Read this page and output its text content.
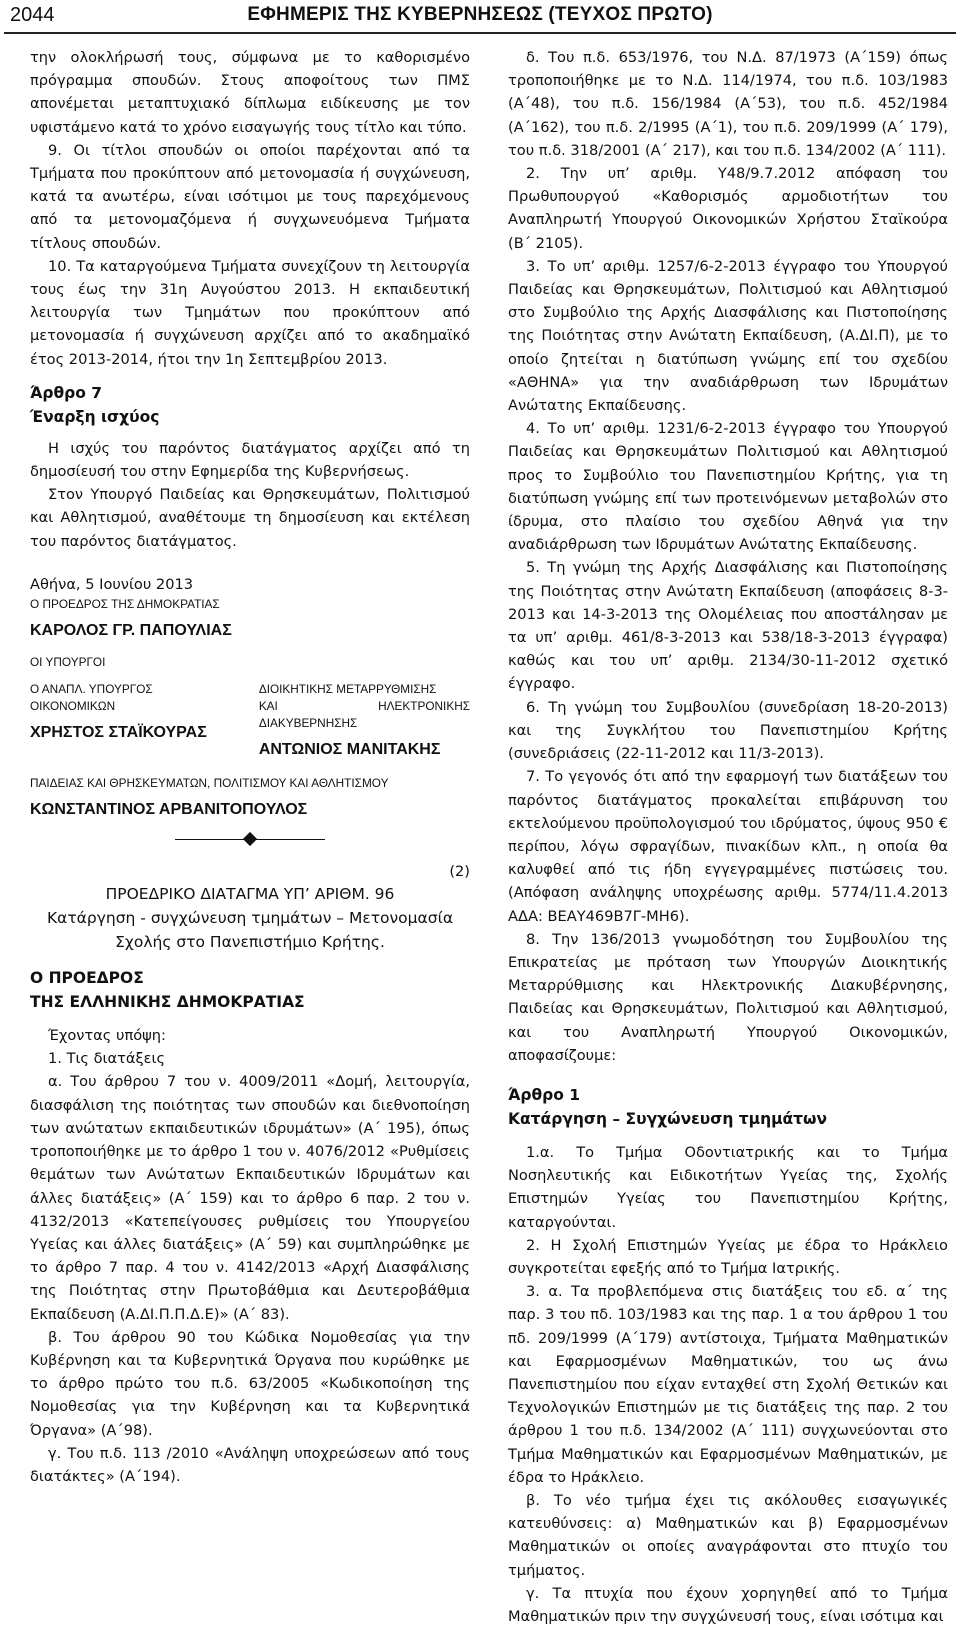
2044	ΕΦΗΜΕΡΙΣ ΤΗΣ ΚΥΒΕΡΝΗΣΕΩΣ (ΤΕΥΧΟΣ ΠΡΩΤΟ)

την ολοκλήρωσή τους, σύμφωνα με το καθορισμένο πρόγραμμα σπουδών. Στους αποφοίτους των ΠΜΣ απονέμεται μεταπτυχιακό δίπλωμα ειδίκευσης με τον υφιστάμενο κατά το χρόνο εισαγωγής τους τίτλο και τύπο.

9. Οι τίτλοι σπουδών οι οποίοι παρέχονται από τα Τμήματα που προκύπτουν από μετονομασία ή συγχώνευση, κατά τα ανωτέρω, είναι ισότιμοι με τους παρεχόμενους από τα μετονομαζόμενα ή συγχωνευόμενα Τμήματα τίτλους σπουδών.

10. Τα καταργούμενα Τμήματα συνεχίζουν τη λειτουργία τους έως την 31η Αυγούστου 2013. Η εκπαιδευτική λειτουργία των Τμημάτων που προκύπτουν από μετονομασία ή συγχώνευση αρχίζει από το ακαδημαϊκό έτος 2013-2014, ήτοι την 1η Σεπτεμβρίου 2013.

Άρθρο 7

Έναρξη ισχύος

Η ισχύς του παρόντος διατάγματος αρχίζει από τη δημοσίευσή του στην Εφημερίδα της Κυβερνήσεως.

Στον Υπουργό Παιδείας και Θρησκευμάτων, Πολιτισμού και Αθλητισμού, αναθέτουμε τη δημοσίευση και εκτέλεση του παρόντος διατάγματος.

Αθήνα, 5 Ιουνίου 2013

Ο ΠΡΟΕΔΡΟΣ ΤΗΣ ΔΗΜΟΚΡΑΤΙΑΣ

ΚΑΡΟΛΟΣ ΓΡ. ΠΑΠΟΥΛΙΑΣ

ΟΙ ΥΠΟΥΡΓΟΙ

Ο ΑΝΑΠΛ. ΥΠΟΥΡΓΟΣ

ΟΙΚΟΝΟΜΙΚΩΝ

ΧΡΗΣΤΟΣ ΣΤΑΪΚΟΥΡΑΣ

ΔΙΟΙΚΗΤΙΚΗΣ ΜΕΤΑΡΡΥΘΜΙΣΗΣ

ΚΑΙ ΗΛΕΚΤΡΟΝΙΚΗΣ ΔΙΑΚΥΒΕΡΝΗΣΗΣ

ΑΝΤΩΝΙΟΣ ΜΑΝΙΤΑΚΗΣ

ΠΑΙΔΕΙΑΣ ΚΑΙ ΘΡΗΣΚΕΥΜΑΤΩΝ, ΠΟΛΙΤΙΣΜΟΥ ΚΑΙ ΑΘΛΗΤΙΣΜΟΥ

ΚΩΝΣΤΑΝΤΙΝΟΣ ΑΡΒΑΝΙΤΟΠΟΥΛΟΣ

(2)

ΠΡΟΕΔΡΙΚΟ ΔΙΑΤΑΓΜΑ ΥΠ’ ΑΡΙΘΜ. 96

Κατάργηση - συγχώνευση τμημάτων – Μετονομασία Σχολής στο Πανεπιστήμιο Κρήτης.

Ο ΠΡΟΕΔΡΟΣ

ΤΗΣ ΕΛΛΗΝΙΚΗΣ ΔΗΜΟΚΡΑΤΙΑΣ

Έχοντας υπόψη:

1. Τις διατάξεις

α. Του άρθρου 7 του ν. 4009/2011 «Δομή, λειτουργία, διασφάλιση της ποιότητας των σπουδών και διεθνοποίηση των ανώτατων εκπαιδευτικών ιδρυμάτων» (Α΄ 195), όπως τροποποιήθηκε με το άρθρο 1 του ν. 4076/2012 «Ρυθμίσεις θεμάτων των Ανώτατων Εκπαιδευτικών Ιδρυμάτων και άλλες διατάξεις» (Α΄ 159) και το άρθρο 6 παρ. 2 του ν. 4132/2013 «Κατεπείγουσες ρυθμίσεις του Υπουργείου Υγείας και άλλες διατάξεις» (Α΄ 59) και συμπληρώθηκε με το άρθρο 7 παρ. 4 του ν. 4142/2013 «Αρχή Διασφάλισης της Ποιότητας στην Πρωτοβάθμια και Δευτεροβάθμια Εκπαίδευση (Α.ΔΙ.Π.Π.Δ.Ε)» (Α΄ 83).

β. Του άρθρου 90 του Κώδικα Νομοθεσίας για την Κυβέρνηση και τα Κυβερνητικά Όργανα που κυρώθηκε με το άρθρο πρώτο του π.δ. 63/2005 «Κωδικοποίηση της Νομοθεσίας για την Κυβέρνηση και τα Κυβερνητικά Όργανα» (Α΄98).

γ. Του π.δ. 113 /2010 «Ανάληψη υποχρεώσεων από τους διατάκτες» (Α΄194).

δ. Του π.δ. 653/1976, του Ν.Δ. 87/1973 (Α΄159) όπως τροποποιήθηκε με το Ν.Δ. 114/1974, του π.δ. 103/1983 (Α΄48), του π.δ. 156/1984 (Α΄53), του π.δ. 452/1984 (Α΄162), του π.δ. 2/1995 (Α΄1), του π.δ. 209/1999 (Α΄ 179), του π.δ. 318/2001 (Α΄ 217), και του π.δ. 134/2002 (Α΄ 111).

2. Την υπ’ αριθμ. Υ48/9.7.2012 απόφαση του Πρωθυπουργού «Καθορισμός αρμοδιοτήτων του Αναπληρωτή Υπουργού Οικονομικών Χρήστου Σταϊκούρα (Β΄ 2105).

3. Το υπ’ αριθμ. 1257/6-2-2013 έγγραφο του Υπουργού Παιδείας και Θρησκευμάτων, Πολιτισμού και Αθλητισμού στο Συμβούλιο της Αρχής Διασφάλισης και Πιστοποίησης της Ποιότητας στην Ανώτατη Εκπαίδευση, (Α.ΔΙ.Π), με το οποίο ζητείται η διατύπωση γνώμης επί του σχεδίου «ΑΘΗΝΑ» για την αναδιάρθρωση των Ιδρυμάτων Ανώτατης Εκπαίδευσης.

4. Το υπ’ αριθμ. 1231/6-2-2013 έγγραφο του Υπουργού Παιδείας και Θρησκευμάτων Πολιτισμού και Αθλητισμού προς το Συμβούλιο του Πανεπιστημίου Κρήτης, για τη διατύπωση γνώμης επί των προτεινόμενων μεταβολών στο ίδρυμα, στο πλαίσιο του σχεδίου Αθηνά για την αναδιάρθρωση των Ιδρυμάτων Ανώτατης Εκπαίδευσης.

5. Τη γνώμη της Αρχής Διασφάλισης και Πιστοποίησης της Ποιότητας στην Ανώτατη Εκπαίδευση (αποφάσεις 8-3-2013 και 14-3-2013 της Ολομέλειας που αποστάλησαν με τα υπ’ αριθμ. 461/8-3-2013 και 538/18-3-2013 έγγραφα) καθώς και του υπ’ αριθμ. 2134/30-11-2012 σχετικό έγγραφο.

6. Τη γνώμη του Συμβουλίου (συνεδρίαση 18-20-2013) και της Συγκλήτου του Πανεπιστημίου Κρήτης (συνεδριάσεις (22-11-2012 και 11/3-2013).

7. Το γεγονός ότι από την εφαρμογή των διατάξεων του παρόντος διατάγματος προκαλείται επιβάρυνση του εκτελούμενου προϋπολογισμού του ιδρύματος, ύψους 950 € περίπου, λόγω σφραγίδων, πινακίδων κλπ., η οποία θα καλυφθεί από τις ήδη εγγεγραμμένες πιστώσεις του. (Απόφαση ανάληψης υποχρέωσης αριθμ. 5774/11.4.2013 ΑΔΑ: ΒΕΑΥ469Β7Γ-ΜΗ6).

8. Την 136/2013 γνωμοδότηση του Συμβουλίου της Επικρατείας με πρόταση των Υπουργών Διοικητικής Μεταρρύθμισης και Ηλεκτρονικής Διακυβέρνησης, Παιδείας και Θρησκευμάτων, Πολιτισμού και Αθλητισμού, και του Αναπληρωτή Υπουργού Οικονομικών, αποφασίζουμε:

Άρθρο 1

Κατάργηση – Συγχώνευση τμημάτων

1.α. Το Τμήμα Οδοντιατρικής και το Τμήμα Νοσηλευτικής και Ειδικοτήτων Υγείας της, Σχολής Επιστημών Υγείας του Πανεπιστημίου Κρήτης, καταργούνται.

2. Η Σχολή Επιστημών Υγείας με έδρα το Ηράκλειο συγκροτείται εφεξής από το Τμήμα Ιατρικής.

3. α. Τα προβλεπόμενα στις διατάξεις του εδ. α΄ της παρ. 3 του πδ. 103/1983 και της παρ. 1 α του άρθρου 1 του πδ. 209/1999 (Α΄179) αντίστοιχα, Τμήματα Μαθηματικών και Εφαρμοσμένων Μαθηματικών, του ως άνω Πανεπιστημίου που είχαν ενταχθεί στη Σχολή Θετικών και Τεχνολογικών Επιστημών με τις διατάξεις της παρ. 2 του άρθρου 1 του π.δ. 134/2002 (Α΄ 111) συγχωνεύονται στο Τμήμα Μαθηματικών και Εφαρμοσμένων Μαθηματικών, με έδρα το Ηράκλειο.

β. Το νέο τμήμα έχει τις ακόλουθες εισαγωγικές κατευθύνσεις: α) Μαθηματικών και β) Εφαρμοσμένων Μαθηματικών οι οποίες αναγράφονται στο πτυχίο του τμήματος.

γ. Τα πτυχία που έχουν χορηγηθεί από το Τμήμα Μαθηματικών πριν την συγχώνευσή τους, είναι ισότιμα και
